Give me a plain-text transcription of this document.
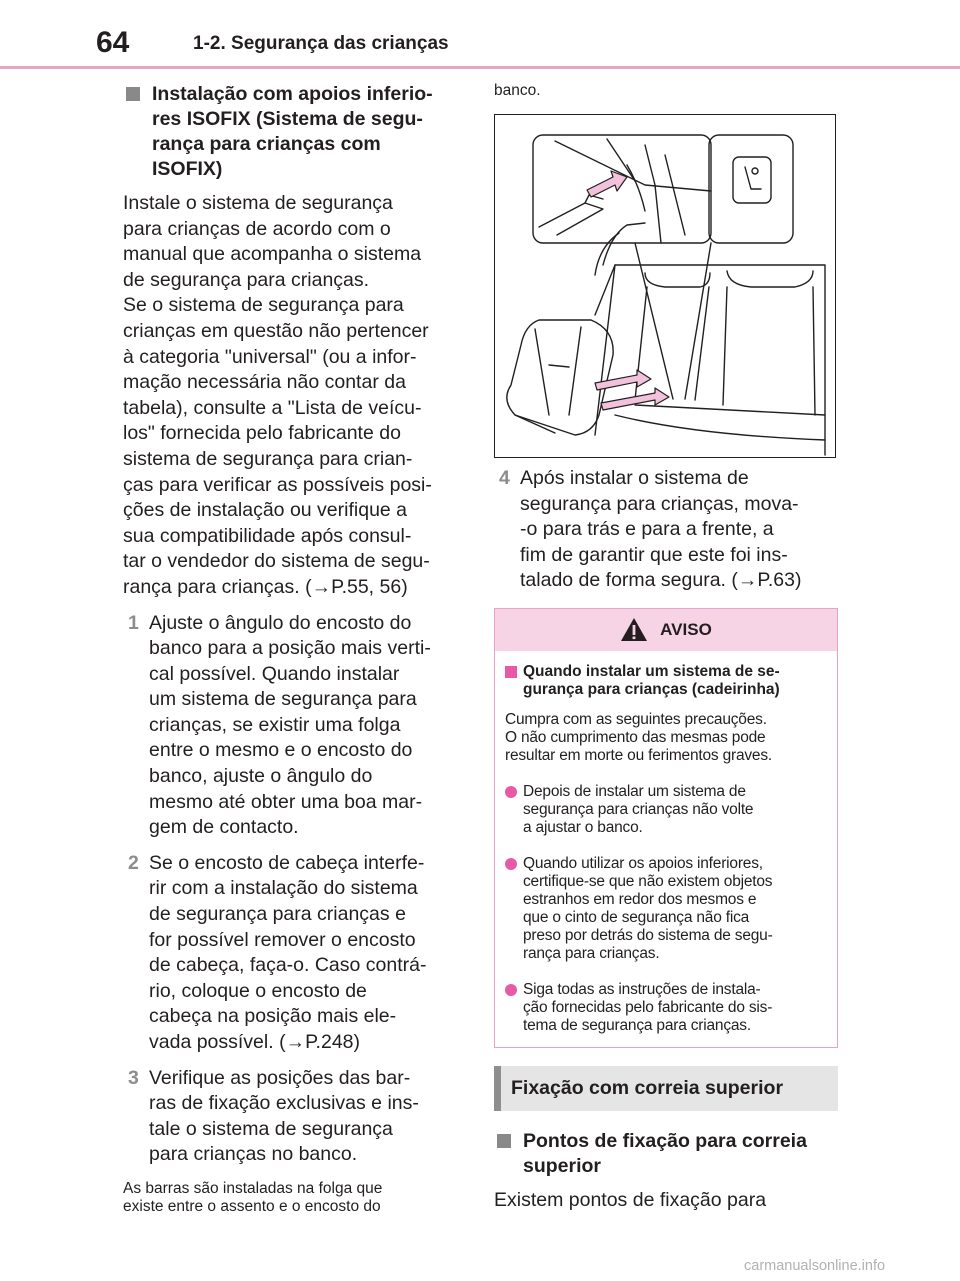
64	1-2. Segurança das crianças
Instalação com apoios inferio-
res ISOFIX (Sistema de segu-
rança para crianças com
ISOFIX)
Instale o sistema de segurança
para crianças de acordo com o
manual que acompanha o sistema
de segurança para crianças.
Se o sistema de segurança para
crianças em questão não pertencer
à categoria "universal" (ou a infor-
mação necessária não contar da
tabela), consulte a "Lista de veícu-
los" fornecida pelo fabricante do
sistema de segurança para crian-
ças para verificar as possíveis posi-
ções de instalação ou verifique a
sua compatibilidade após consul-
tar o vendedor do sistema de segu-
rança para crianças. (→P.55, 56)
1 Ajuste o ângulo do encosto do
banco para a posição mais verti-
cal possível. Quando instalar
um sistema de segurança para
crianças, se existir uma folga
entre o mesmo e o encosto do
banco, ajuste o ângulo do
mesmo até obter uma boa mar-
gem de contacto.
2 Se o encosto de cabeça interfe-
rir com a instalação do sistema
de segurança para crianças e
for possível remover o encosto
de cabeça, faça-o. Caso contrá-
rio, coloque o encosto de
cabeça na posição mais ele-
vada possível. (→P.248)
3 Verifique as posições das bar-
ras de fixação exclusivas e ins-
tale o sistema de segurança
para crianças no banco.
As barras são instaladas na folga que
existe entre o assento e o encosto do
banco.
4 Após instalar o sistema de
segurança para crianças, mova-
-o para trás e para a frente, a
fim de garantir que este foi ins-
talado de forma segura. (→P.63)
AVISO
Quando instalar um sistema de se-
gurança para crianças (cadeirinha)
Cumpra com as seguintes precauções.
O não cumprimento das mesmas pode
resultar em morte ou ferimentos graves.
Depois de instalar um sistema de
segurança para crianças não volte
a ajustar o banco.
Quando utilizar os apoios inferiores,
certifique-se que não existem objetos
estranhos em redor dos mesmos e
que o cinto de segurança não fica
preso por detrás do sistema de segu-
rança para crianças.
Siga todas as instruções de instala-
ção fornecidas pelo fabricante do sis-
tema de segurança para crianças.
Fixação com correia superior
Pontos de fixação para correia
superior
Existem pontos de fixação para
carmanualsonline.info
